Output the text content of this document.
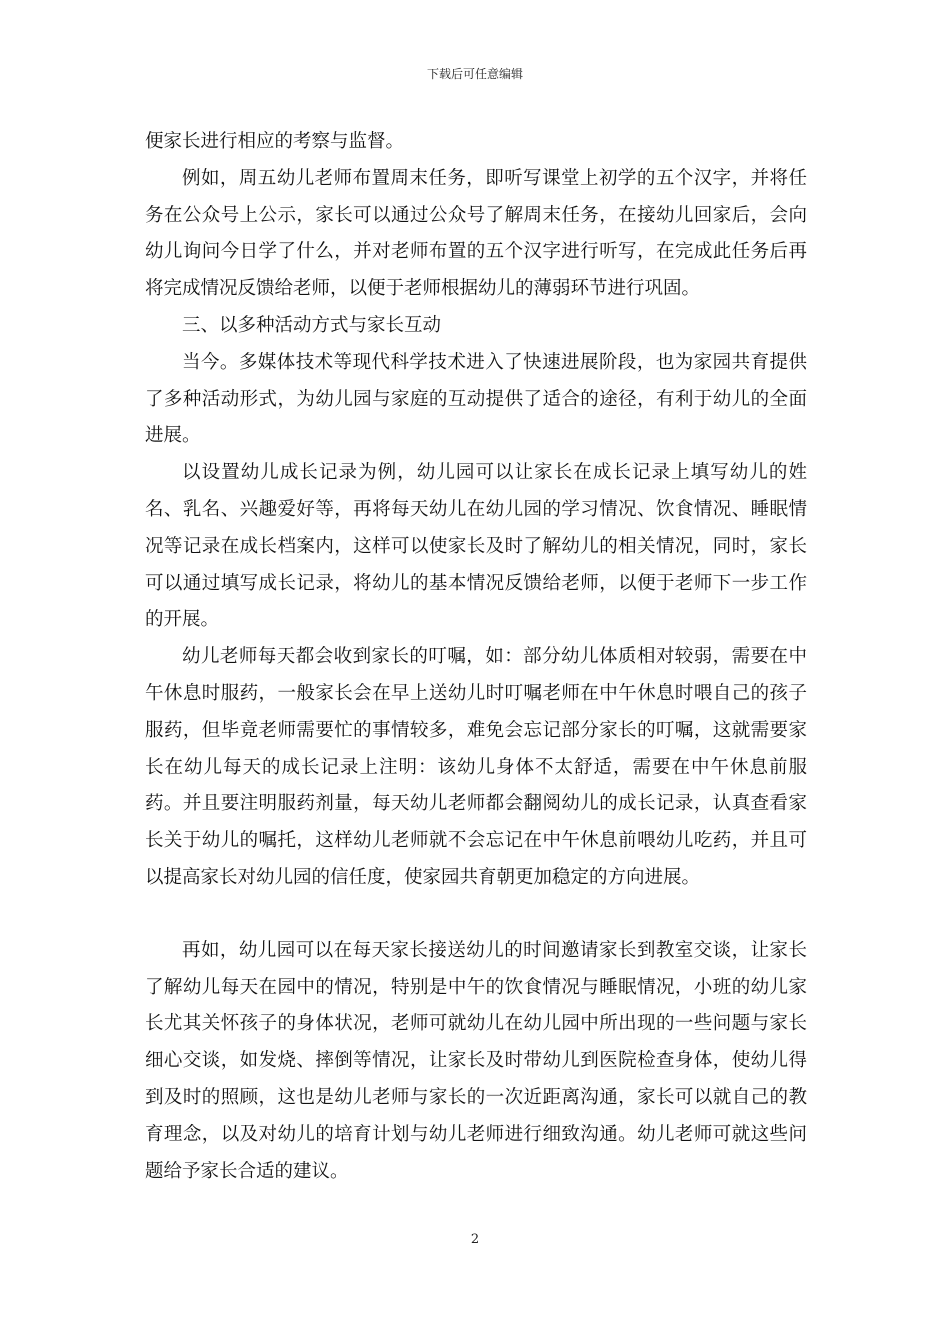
下载后可任意编辑

便家长进行相应的考察与监督。

例如，周五幼儿老师布置周末任务，即听写课堂上初学的五个汉字，并将任务在公众号上公示，家长可以通过公众号了解周末任务，在接幼儿回家后，会向幼儿询问今日学了什么，并对老师布置的五个汉字进行听写，在完成此任务后再将完成情况反馈给老师，以便于老师根据幼儿的薄弱环节进行巩固。

三、以多种活动方式与家长互动

当今。多媒体技术等现代科学技术进入了快速进展阶段，也为家园共育提供了多种活动形式，为幼儿园与家庭的互动提供了适合的途径，有利于幼儿的全面进展。

以设置幼儿成长记录为例，幼儿园可以让家长在成长记录上填写幼儿的姓名、乳名、兴趣爱好等，再将每天幼儿在幼儿园的学习情况、饮食情况、睡眠情况等记录在成长档案内，这样可以使家长及时了解幼儿的相关情况，同时，家长可以通过填写成长记录，将幼儿的基本情况反馈给老师，以便于老师下一步工作的开展。

幼儿老师每天都会收到家长的叮嘱，如：部分幼儿体质相对较弱，需要在中午休息时服药，一般家长会在早上送幼儿时叮嘱老师在中午休息时喂自己的孩子服药，但毕竟老师需要忙的事情较多，难免会忘记部分家长的叮嘱，这就需要家长在幼儿每天的成长记录上注明：该幼儿身体不太舒适，需要在中午休息前服药。并且要注明服药剂量，每天幼儿老师都会翻阅幼儿的成长记录，认真查看家长关于幼儿的嘱托，这样幼儿老师就不会忘记在中午休息前喂幼儿吃药，并且可以提高家长对幼儿园的信任度，使家园共育朝更加稳定的方向进展。

再如，幼儿园可以在每天家长接送幼儿的时间邀请家长到教室交谈，让家长了解幼儿每天在园中的情况，特别是中午的饮食情况与睡眠情况，小班的幼儿家长尤其关怀孩子的身体状况，老师可就幼儿在幼儿园中所出现的一些问题与家长细心交谈，如发烧、摔倒等情况，让家长及时带幼儿到医院检查身体，使幼儿得到及时的照顾，这也是幼儿老师与家长的一次近距离沟通，家长可以就自己的教育理念，以及对幼儿的培育计划与幼儿老师进行细致沟通。幼儿老师可就这些问题给予家长合适的建议。

2
